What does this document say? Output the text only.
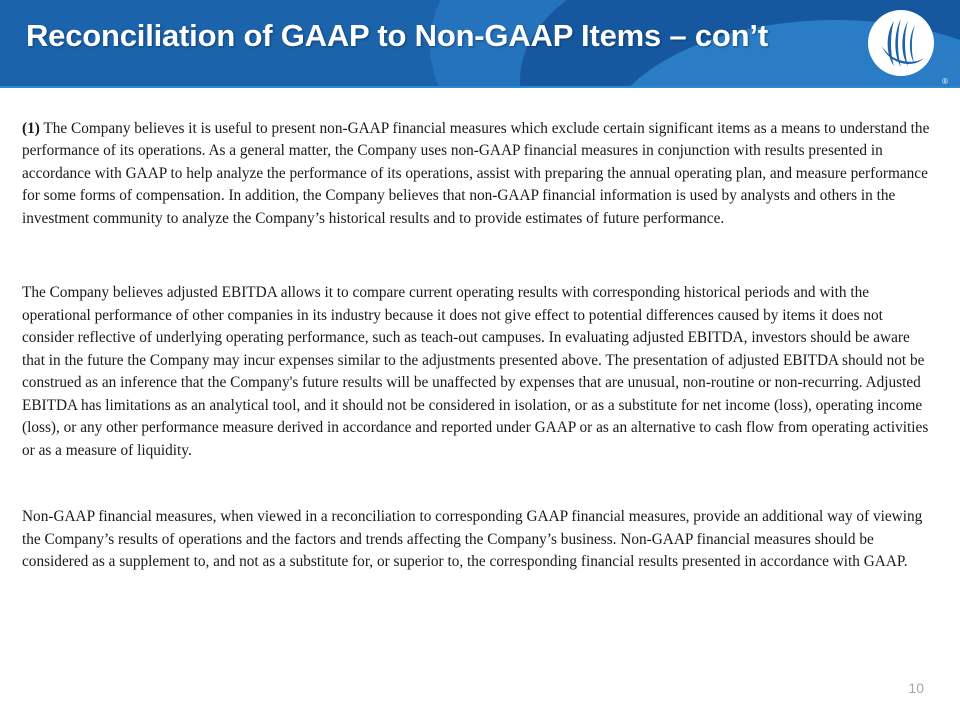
Reconciliation of GAAP to Non-GAAP Items – con’t
®

(1) The Company believes it is useful to present non-GAAP financial measures which exclude certain significant items as a means to understand the performance of its operations. As a general matter, the Company uses non-GAAP financial measures in conjunction with results presented in accordance with GAAP to help analyze the performance of its operations, assist with preparing the annual operating plan, and measure performance for some forms of compensation. In addition, the Company believes that non-GAAP financial information is used by analysts and others in the investment community to analyze the Company’s historical results and to provide estimates of future performance.

The Company believes adjusted EBITDA allows it to compare current operating results with corresponding historical periods and with the operational performance of other companies in its industry because it does not give effect to potential differences caused by items it does not consider reflective of underlying operating performance, such as teach-out campuses. In evaluating adjusted EBITDA, investors should be aware that in the future the Company may incur expenses similar to the adjustments presented above. The presentation of adjusted EBITDA should not be construed as an inference that the Company's future results will be unaffected by expenses that are unusual, non-routine or non-recurring. Adjusted EBITDA has limitations as an analytical tool, and it should not be considered in isolation, or as a substitute for net income (loss), operating income (loss), or any other performance measure derived in accordance and reported under GAAP or as an alternative to cash flow from operating activities or as a measure of liquidity.

Non-GAAP financial measures, when viewed in a reconciliation to corresponding GAAP financial measures, provide an additional way of viewing the Company’s results of operations and the factors and trends affecting the Company’s business. Non-GAAP financial measures should be considered as a supplement to, and not as a substitute for, or superior to, the corresponding financial results presented in accordance with GAAP.

10
